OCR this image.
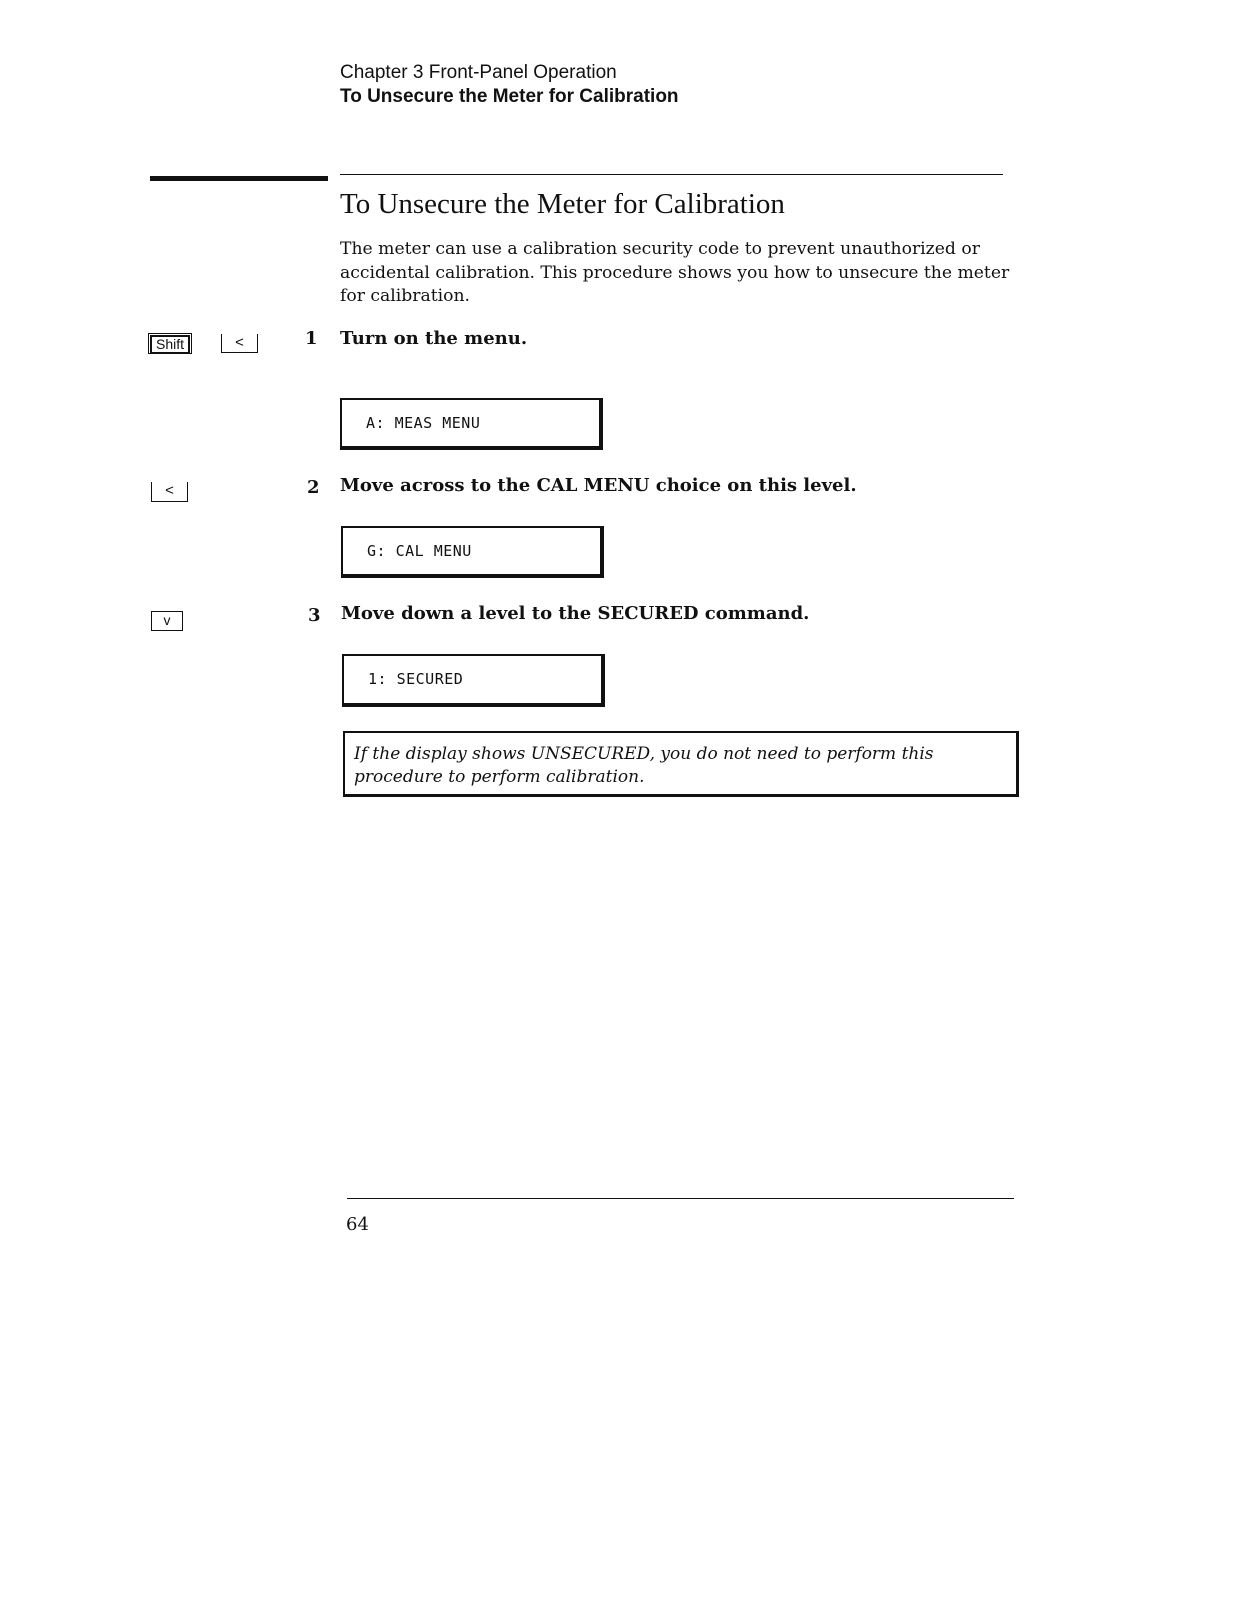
Chapter 3 Front-Panel Operation
To Unsecure the Meter for Calibration
To Unsecure the Meter for Calibration
The meter can use a calibration security code to prevent unauthorized or accidental calibration. This procedure shows you how to unsecure the meter for calibration.
Shift	<	1 Turn on the menu.
A: MEAS MENU
<	2 Move across to the CAL MENU choice on this level.
G: CAL MENU
v	3 Move down a level to the SECURED command.
1: SECURED
If the display shows UNSECURED, you do not need to perform this procedure to perform calibration.
64
